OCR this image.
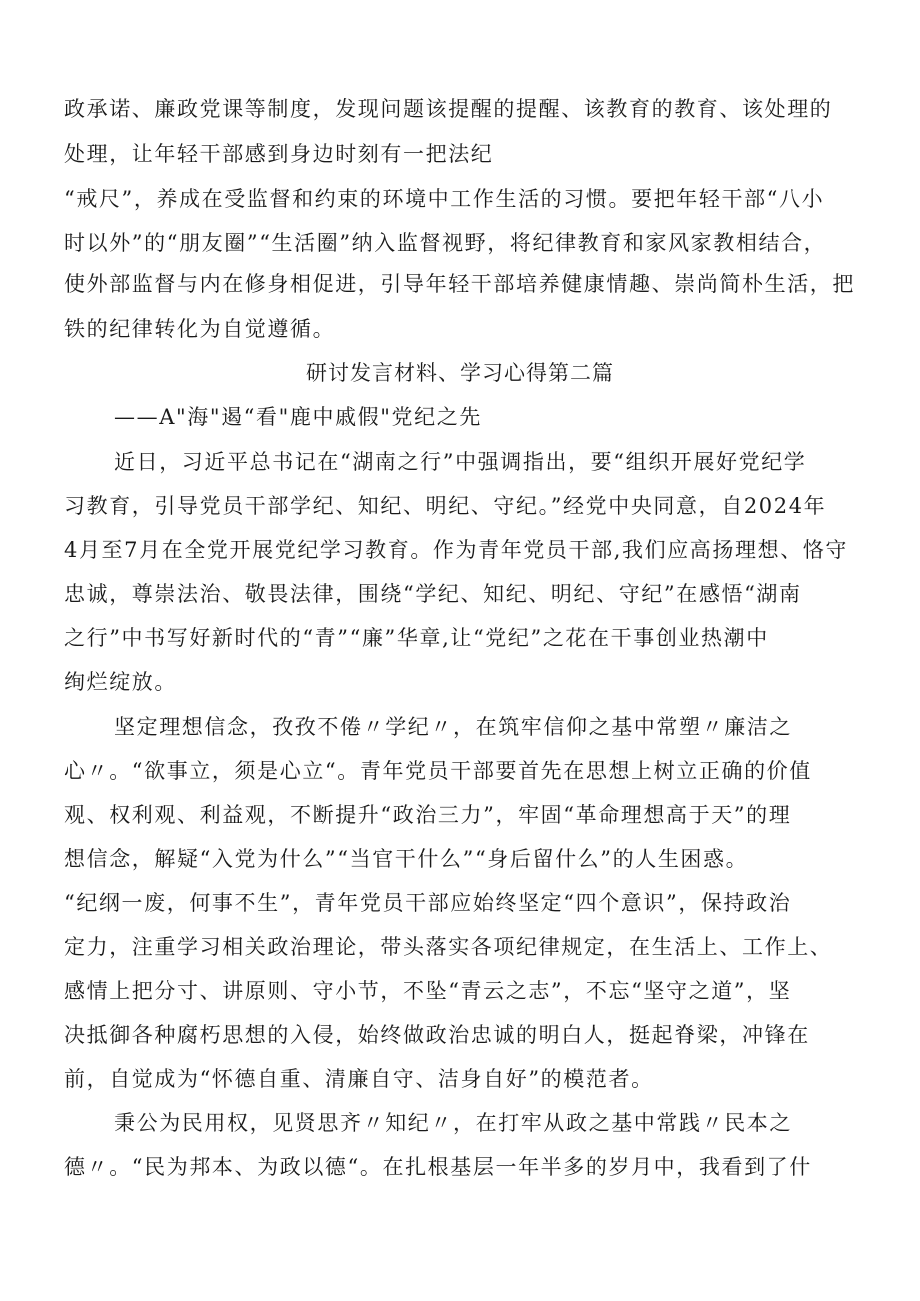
政承诺、廉政党课等制度，发现问题该提醒的提醒、该教育的教育、该处理的
处理，让年轻干部感到身边时刻有一把法纪
“戒尺”，养成在受监督和约束的环境中工作生活的习惯。要把年轻干部“八小
时以外”的“朋友圈”“生活圈”纳入监督视野，将纪律教育和家风家教相结合，
使外部监督与内在修身相促进，引导年轻干部培养健康情趣、崇尚简朴生活，把
铁的纪律转化为自觉遵循。
研讨发言材料、学习心得第二篇
——A"海"遏“看"鹿中戚假"党纪之先
近日，习近平总书记在“湖南之行”中强调指出，要“组织开展好党纪学
习教育，引导党员干部学纪、知纪、明纪、守纪。”经党中央同意，自2024年
4月至7月在全党开展党纪学习教育。作为青年党员干部,我们应高扬理想、恪守
忠诚，尊崇法治、敬畏法律，围绕“学纪、知纪、明纪、守纪”在感悟“湖南
之行”中书写好新时代的“青”“廉”华章,让“党纪”之花在干事创业热潮中
绚烂绽放。
坚定理想信念，孜孜不倦〃学纪〃，在筑牢信仰之基中常塑〃廉洁之
心〃。“欲事立，须是心立“。青年党员干部要首先在思想上树立正确的价值
观、权利观、利益观，不断提升“政治三力”，牢固“革命理想高于天”的理
想信念，解疑“入党为什么”“当官干什么”“身后留什么”的人生困惑。
“纪纲一废，何事不生”，青年党员干部应始终坚定“四个意识”，保持政治
定力，注重学习相关政治理论，带头落实各项纪律规定，在生活上、工作上、
感情上把分寸、讲原则、守小节，不坠“青云之志”，不忘“坚守之道”，坚
决抵御各种腐朽思想的入侵，始终做政治忠诚的明白人，挺起脊梁，冲锋在
前，自觉成为“怀德自重、清廉自守、洁身自好”的模范者。
秉公为民用权，见贤思齐〃知纪〃，在打牢从政之基中常践〃民本之
德〃。“民为邦本、为政以德“。在扎根基层一年半多的岁月中，我看到了什
